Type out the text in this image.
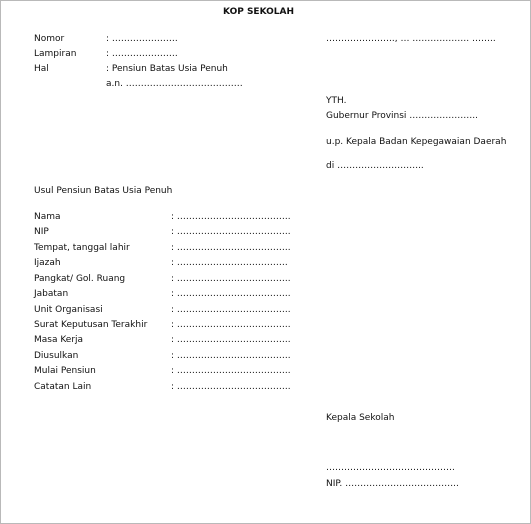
KOP SEKOLAH
Nomor	: ………………….
Lampiran	: ………………….
Hal	: Pensiun Batas Usia Penuh
a.n. …………………………………
………………….., … ………………. ……..
YTH.
Gubernur Provinsi …………………..
u.p. Kepala Badan Kepegawaian Daerah
di ………………………..
Usul Pensiun Batas Usia Penuh
Nama	: ………………………………..
NIP	: ………………………………..
Tempat, tanggal lahir	: ………………………………..
Ijazah	: ……………………………….
Pangkat/ Gol. Ruang	: ………………………………..
Jabatan	: ………………………………..
Unit Organisasi	: ………………………………..
Surat Keputusan Terakhir	: ………………………………..
Masa Kerja	: ………………………………..
Diusulkan	: ………………………………..
Mulai Pensiun	: ………………………………..
Catatan Lain	: ………………………………..
Kepala Sekolah
…………………………………….
NIP. ………………………………..
